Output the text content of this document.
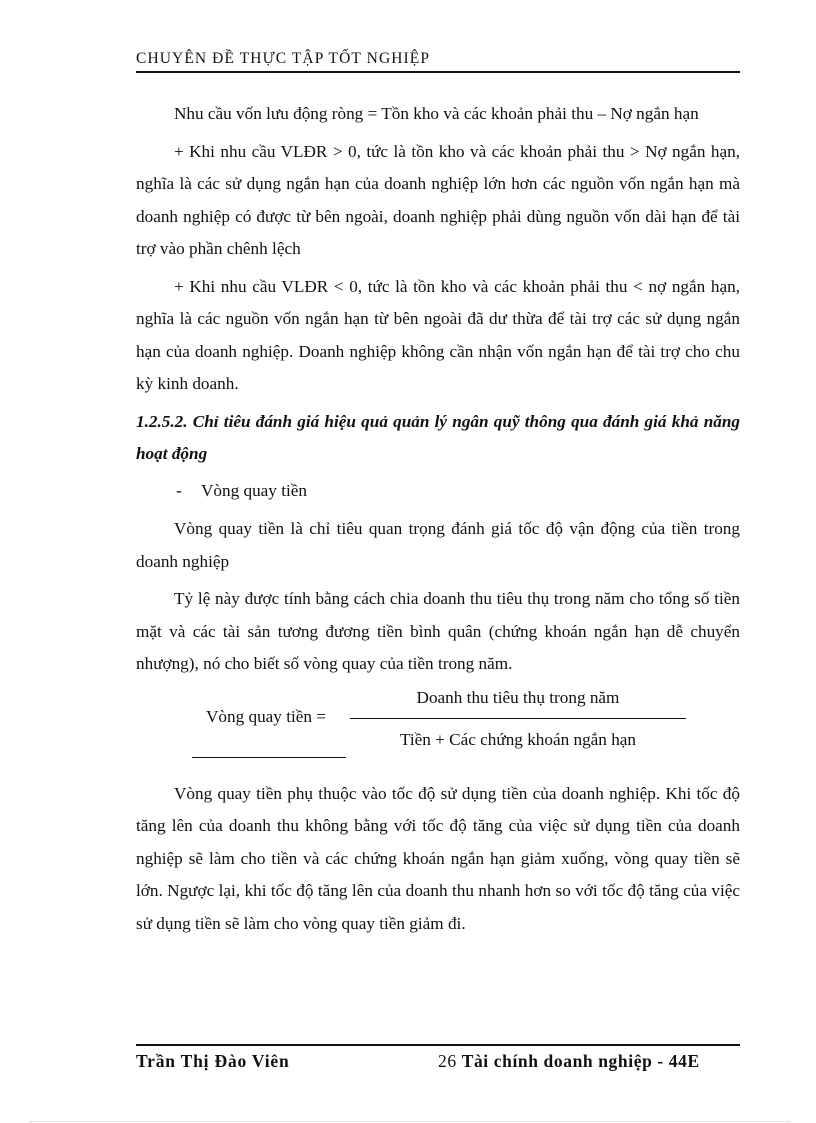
CHUYÊN ĐỀ THỰC TẬP TỐT NGHIỆP

Nhu cầu vốn lưu động ròng = Tồn kho và các khoản phải thu – Nợ ngắn hạn

+ Khi nhu cầu VLĐR > 0, tức là tồn kho và các khoản phải thu > Nợ ngắn hạn, nghĩa là các sử dụng ngắn hạn của doanh nghiệp lớn hơn các nguồn vốn ngắn hạn mà doanh nghiệp có được từ bên ngoài, doanh nghiệp phải dùng nguồn vốn dài hạn để tài trợ vào phần chênh lệch

+ Khi nhu cầu VLĐR < 0, tức là tồn kho và các khoản phải thu < nợ ngắn hạn, nghĩa là các nguồn vốn ngắn hạn từ bên ngoài đã dư thừa để tài trợ các sử dụng ngắn hạn của doanh nghiệp. Doanh nghiệp không cần nhận vốn ngắn hạn để tài trợ cho chu kỳ kinh doanh.

1.2.5.2. Chỉ tiêu đánh giá hiệu quả quản lý ngân quỹ thông qua đánh giá khả năng hoạt động

- Vòng quay tiền

Vòng quay tiền là chỉ tiêu quan trọng đánh giá tốc độ vận động của tiền trong doanh nghiệp

Tỷ lệ này được tính bằng cách chia doanh thu tiêu thụ trong năm cho tổng số tiền mặt và các tài sản tương đương tiền bình quân (chứng khoán ngắn hạn dễ chuyển nhượng), nó cho biết số vòng quay của tiền trong năm.

Vòng quay tiền =
Doanh thu tiêu thụ trong năm
Tiền + Các chứng khoán ngắn hạn

Vòng quay tiền phụ thuộc vào tốc độ sử dụng tiền của doanh nghiệp. Khi tốc độ tăng lên của doanh thu không bằng với tốc độ tăng của việc sử dụng tiền của doanh nghiệp sẽ làm cho tiền và các chứng khoán ngắn hạn giảm xuống, vòng quay tiền sẽ lớn. Ngược lại, khi tốc độ tăng lên của doanh thu nhanh hơn so với tốc độ tăng của việc sử dụng tiền sẽ làm cho vòng quay tiền giảm đi.

Trần Thị Đào Viên	26 Tài chính doanh nghiệp - 44E
